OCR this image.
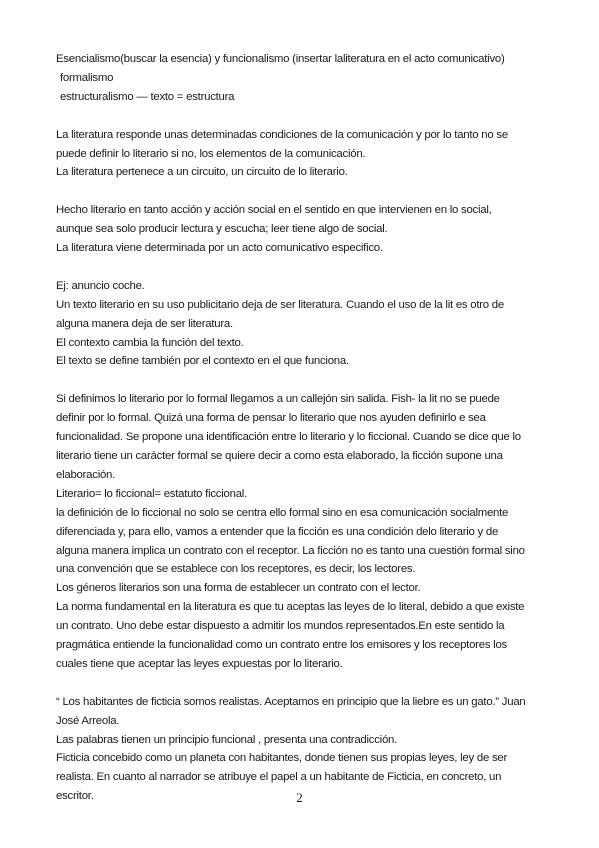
Esencialismo(buscar la esencia) y funcionalismo (insertar laliteratura en el acto comunicativo)
formalismo
estructuralismo — texto = estructura
La literatura responde unas determinadas condiciones de la comunicación y por lo tanto no se
puede definir lo literario si no, los elementos de la comunicación.
La literatura pertenece a un circuito, un circuito de lo literario.
Hecho literario en tanto acción y acción social en el sentido en que intervienen en lo social,
aunque sea solo producir lectura y escucha; leer tiene algo de social.
La literatura viene determinada por un acto comunicativo especifico.
Ej: anuncio coche.
Un texto literario en su uso publicitario deja de ser literatura. Cuando el uso de la lit es otro de
alguna manera deja de ser literatura.
El contexto cambia la función del texto.
El texto se define también por el contexto en el que funciona.
Si definimos lo literario por lo formal llegamos a un callejón sin salida. Fish- la lit no se puede
definir por lo formal. Quizá una forma de pensar lo literario que nos ayuden definirlo e sea
funcionalidad. Se propone una identificación entre lo literario y lo ficcional. Cuando se dice que lo
literario tiene un carácter formal se quiere decir a como esta elaborado, la ficción supone una
elaboración.
Literario= lo ficcional= estatuto ficcional.
la definición de lo ficcional no solo se centra ello formal sino en esa comunicación socialmente
diferenciada y, para ello, vamos a entender que la ficción es una condición delo literario y de
alguna manera implica un contrato con el receptor. La ficción no es tanto una cuestión formal sino
una convención que se establece con los receptores, es decir, los lectores.
Los géneros literarios son una forma de establecer un contrato con el lector.
La norma fundamental en la literatura es que tu aceptas las leyes de lo literal, debido a que existe
un contrato. Uno debe estar dispuesto a admitir los mundos representados.En este sentido la
pragmática entiende la funcionalidad como un contrato entre los emisores y los receptores los
cuales tiene que aceptar las leyes expuestas por lo literario.
“ Los habitantes de ficticia somos realistas. Aceptamos en principio que la liebre es un gato.” Juan
José Arreola.
Las palabras tienen un principio funcional , presenta una contradicción.
Ficticia concebido como un planeta con habitantes, donde tienen sus propias leyes, ley de ser
realista. En cuanto al narrador se atribuye el papel a un habitante de Ficticia, en concreto, un
escritor.	2
